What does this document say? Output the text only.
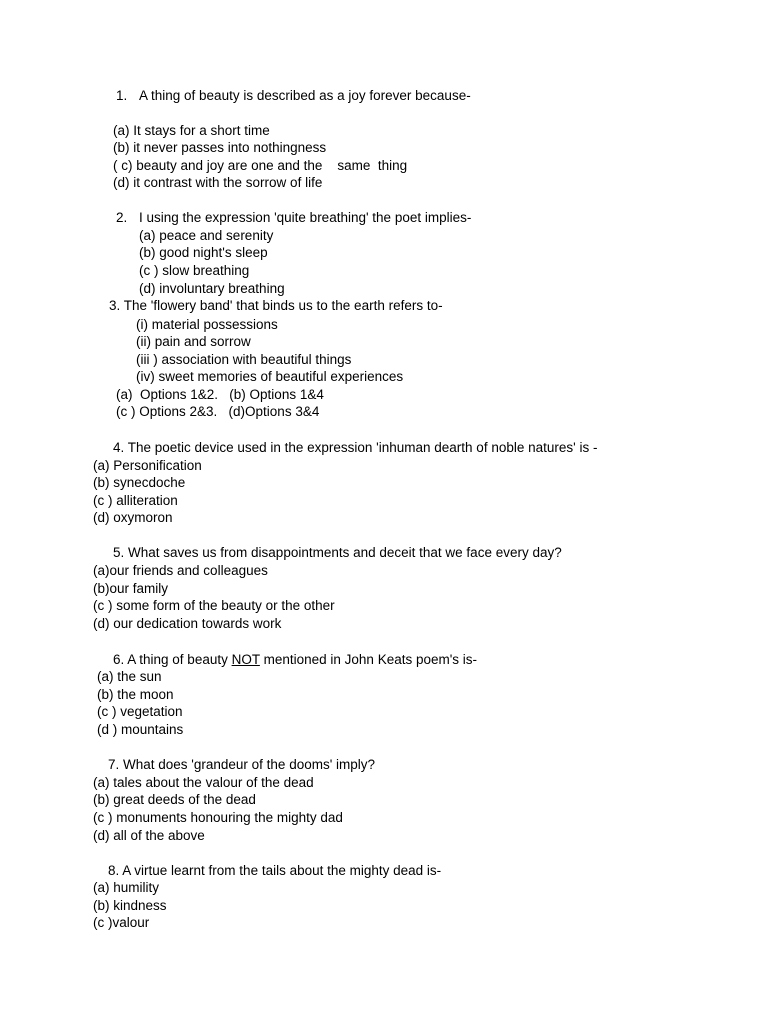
1. A thing of beauty is described as a joy forever because-
(a) It stays for a short time
(b) it never passes into nothingness
( c) beauty and joy are one and the    same  thing
(d) it contrast with the sorrow of life
2. I using the expression 'quite breathing' the poet implies-
(a) peace and serenity
(b) good night's sleep
(c ) slow breathing
(d) involuntary breathing
3. The 'flowery band' that binds us to the earth refers to-
(i) material possessions
(ii) pain and sorrow
(iii ) association with beautiful things
(iv) sweet memories of beautiful experiences
(a)  Options 1&2.   (b) Options 1&4
(c ) Options 2&3.   (d)Options 3&4
4. The poetic device used in the expression 'inhuman dearth of noble natures' is -
(a) Personification
(b) synecdoche
(c ) alliteration
(d) oxymoron
5. What saves us from disappointments and deceit that we face every day?
(a)our friends and colleagues
(b)our family
(c ) some form of the beauty or the other
(d) our dedication towards work
6. A thing of beauty NOT mentioned in John Keats poem's is-
(a) the sun
(b) the moon
(c ) vegetation
(d ) mountains
7. What does 'grandeur of the dooms' imply?
(a) tales about the valour of the dead
(b) great deeds of the dead
(c ) monuments honouring the mighty dad
(d) all of the above
8. A virtue learnt from the tails about the mighty dead is-
(a) humility
(b) kindness
(c )valour
